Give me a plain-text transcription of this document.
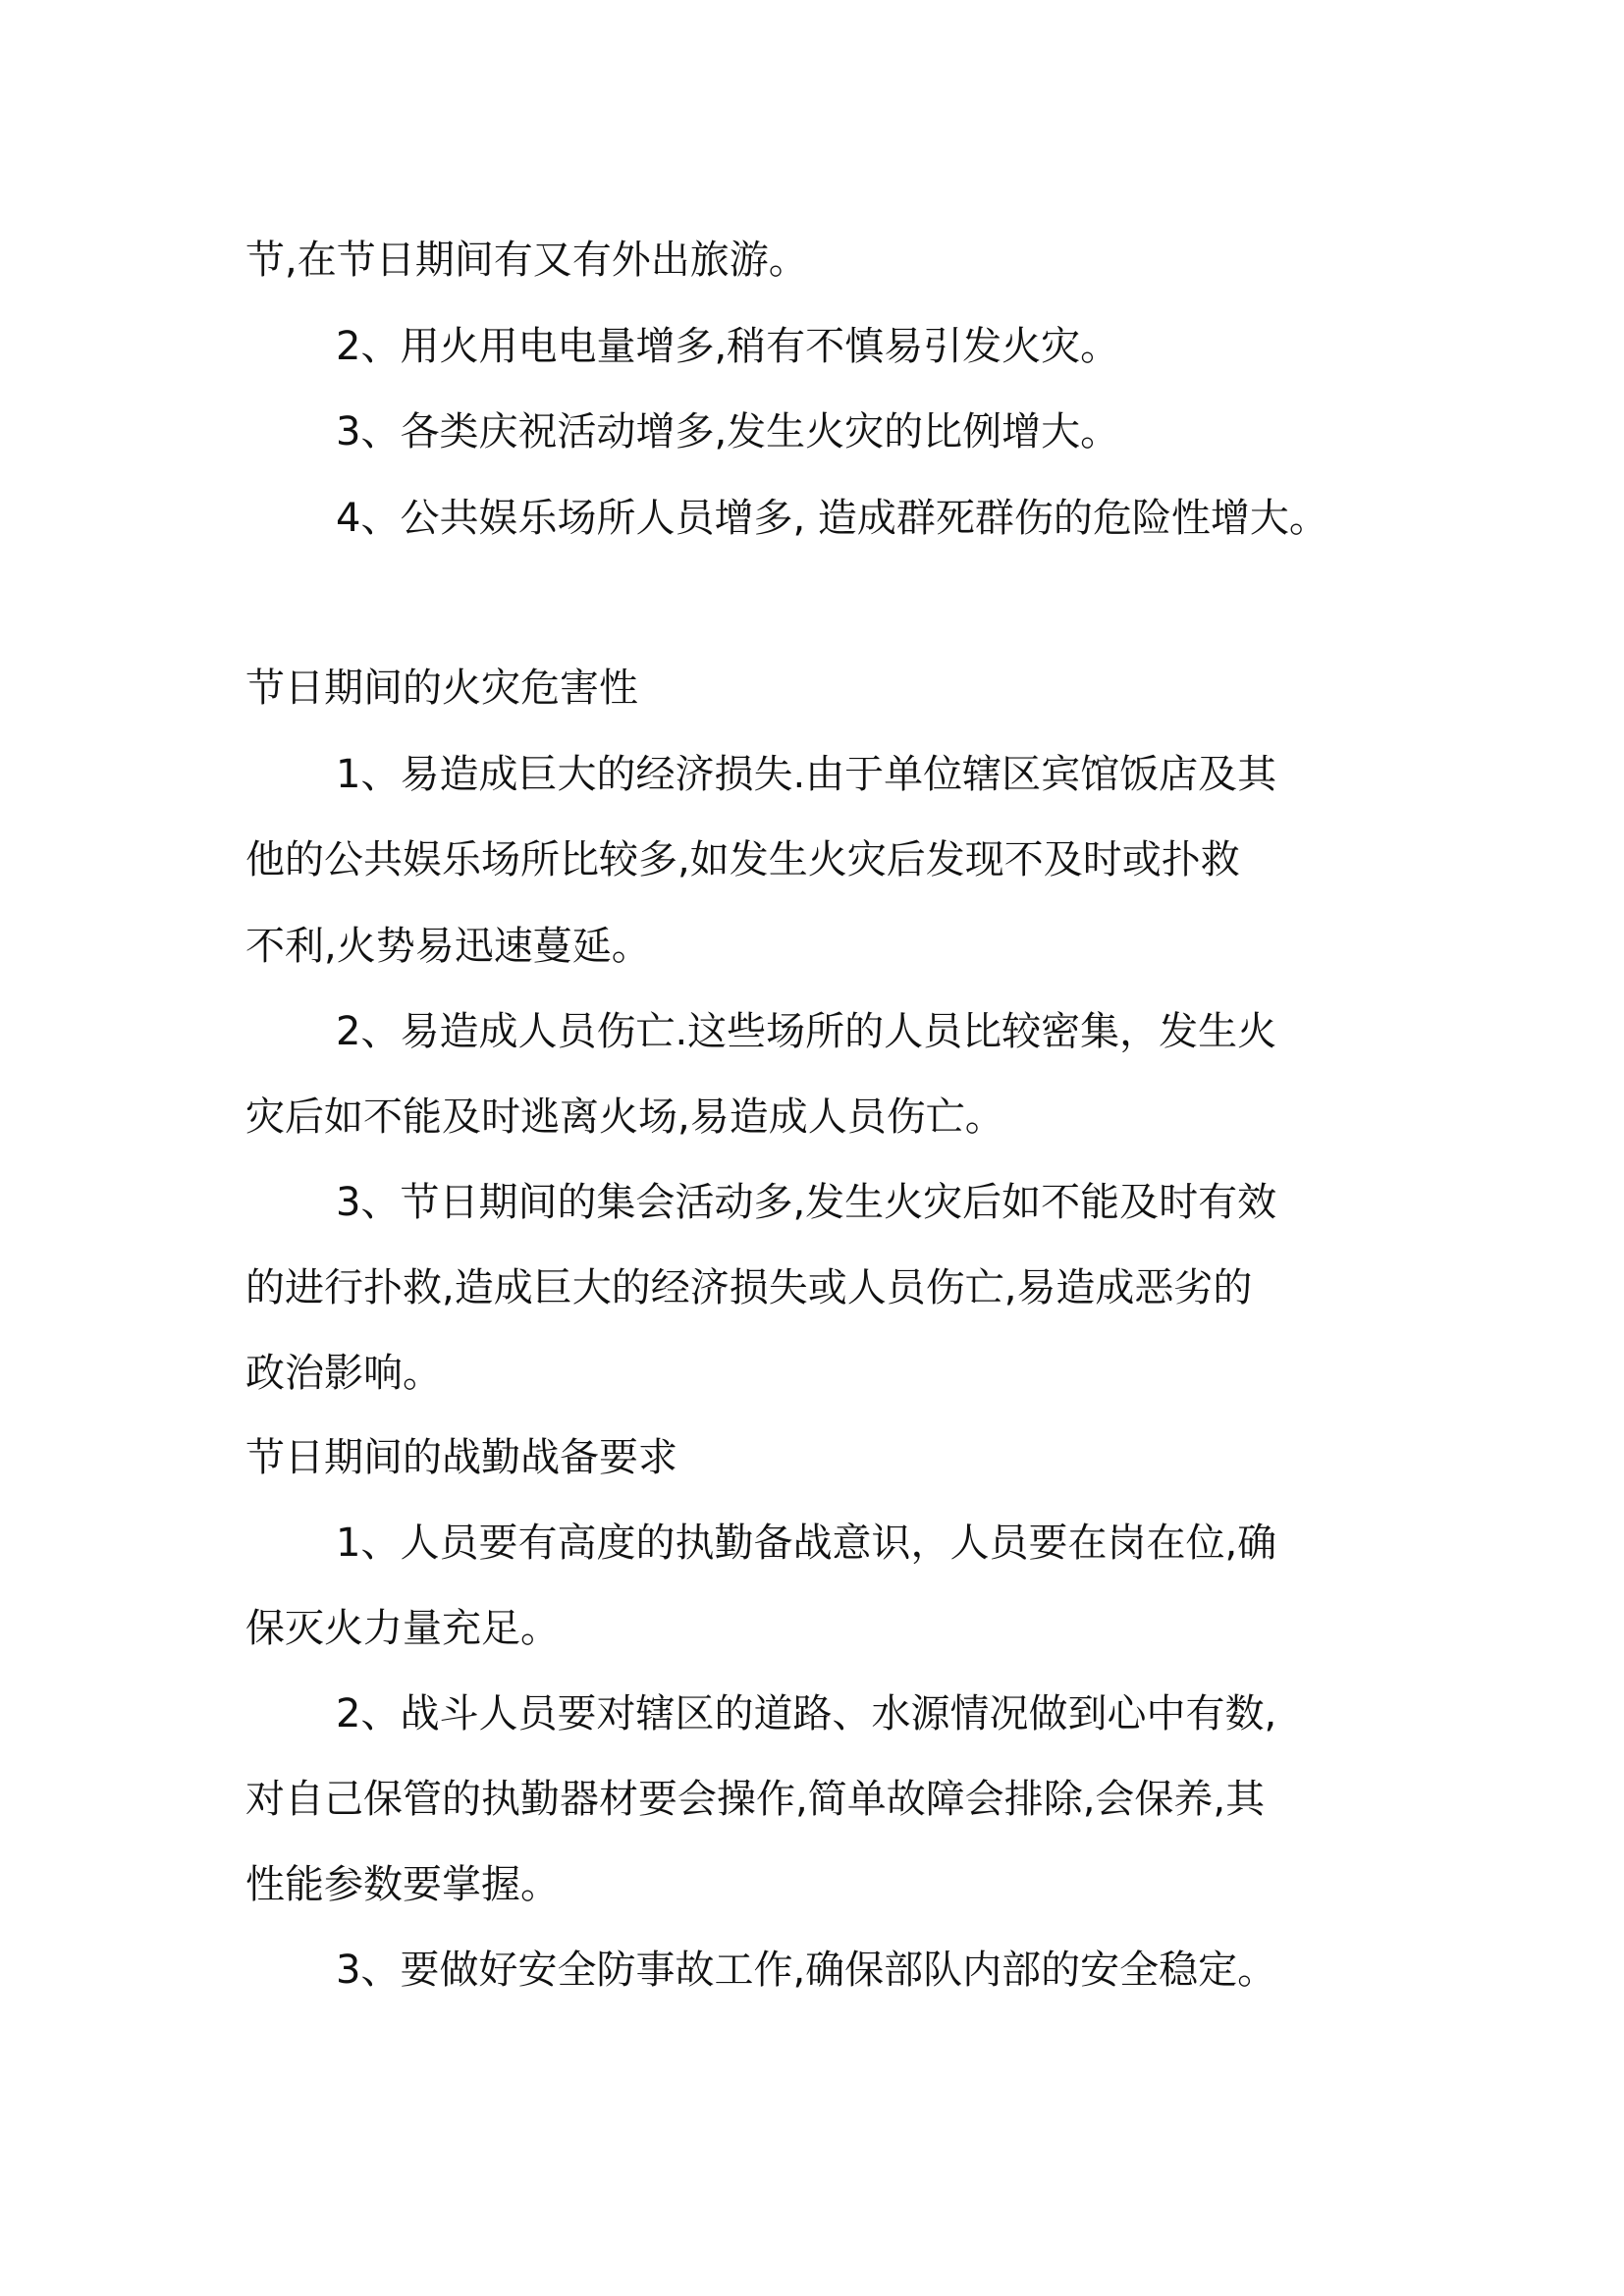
节,在节日期间有又有外出旅游。
2、用火用电电量增多,稍有不慎易引发火灾。
3、各类庆祝活动增多,发生火灾的比例增大。
4、公共娱乐场所人员增多, 造成群死群伤的危险性增大。
节日期间的火灾危害性
1、易造成巨大的经济损失.由于单位辖区宾馆饭店及其
他的公共娱乐场所比较多,如发生火灾后发现不及时或扑救
不利,火势易迅速蔓延。
2、易造成人员伤亡.这些场所的人员比较密集，发生火
灾后如不能及时逃离火场,易造成人员伤亡。
3、节日期间的集会活动多,发生火灾后如不能及时有效
的进行扑救,造成巨大的经济损失或人员伤亡,易造成恶劣的
政治影响。
节日期间的战勤战备要求
1、人员要有高度的执勤备战意识，人员要在岗在位,确
保灭火力量充足。
2、战斗人员要对辖区的道路、水源情况做到心中有数,
对自己保管的执勤器材要会操作,简单故障会排除,会保养,其
性能参数要掌握。
3、要做好安全防事故工作,确保部队内部的安全稳定。
